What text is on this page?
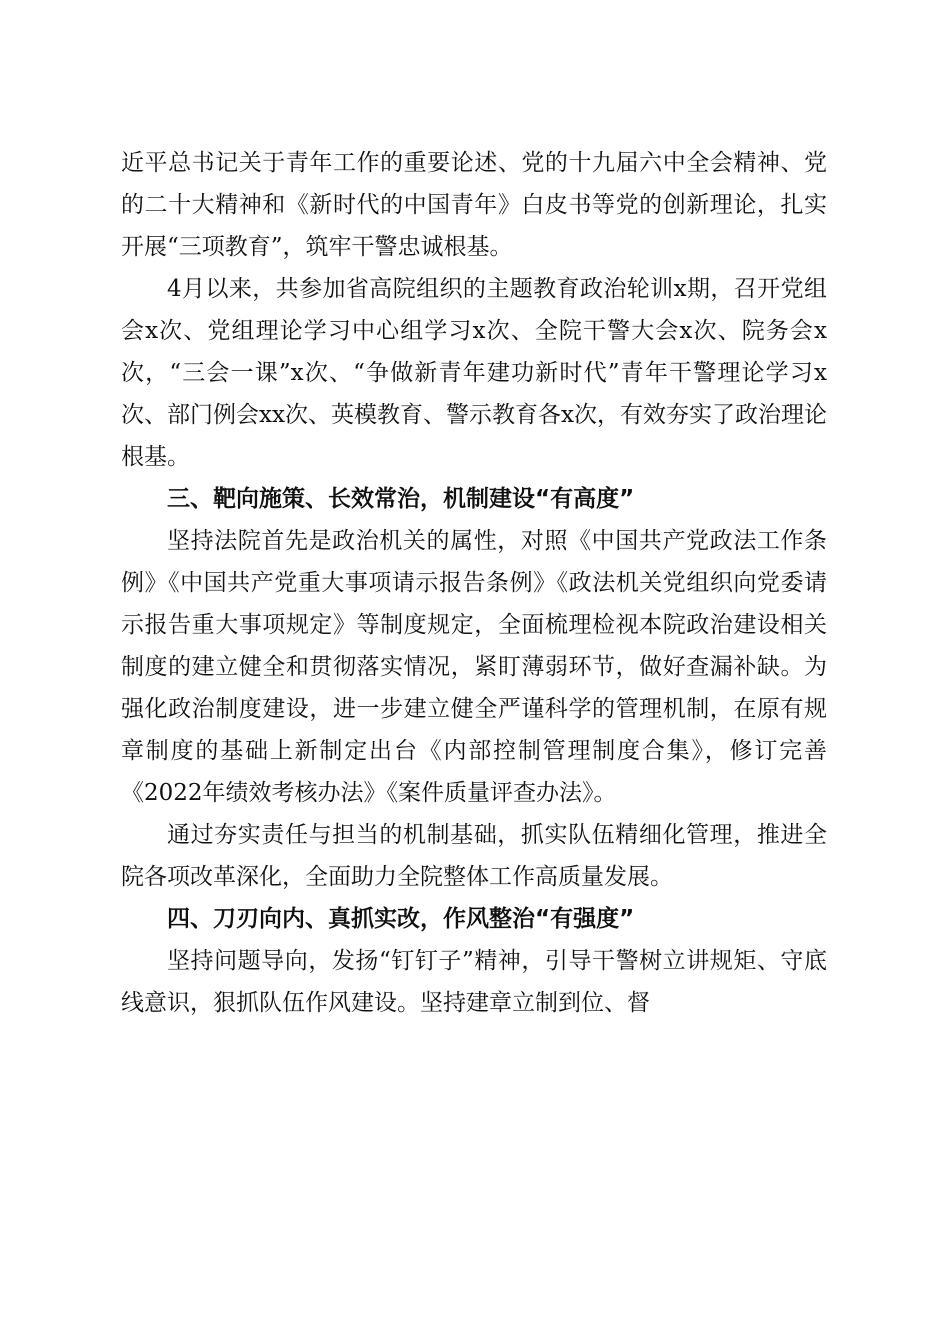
近平总书记关于青年工作的重要论述、党的十九届六中全会精神、党的二十大精神和《新时代的中国青年》白皮书等党的创新理论，扎实开展“三项教育”，筑牢干警忠诚根基。

4月以来，共参加省高院组织的主题教育政治轮训x期，召开党组会x次、党组理论学习中心组学习x次、全院干警大会x次、院务会x次，“三会一课”x次、“争做新青年建功新时代”青年干警理论学习x次、部门例会xx次、英模教育、警示教育各x次，有效夯实了政治理论根基。

三、靶向施策、长效常治，机制建设“有高度”

坚持法院首先是政治机关的属性，对照《中国共产党政法工作条例》《中国共产党重大事项请示报告条例》《政法机关党组织向党委请示报告重大事项规定》等制度规定，全面梳理检视本院政治建设相关制度的建立健全和贯彻落实情况，紧盯薄弱环节，做好查漏补缺。为强化政治制度建设，进一步建立健全严谨科学的管理机制，在原有规章制度的基础上新制定出台《内部控制管理制度合集》，修订完善《2022年绩效考核办法》《案件质量评查办法》。

通过夯实责任与担当的机制基础，抓实队伍精细化管理，推进全院各项改革深化，全面助力全院整体工作高质量发展。

四、刀刃向内、真抓实改，作风整治“有强度”

坚持问题导向，发扬“钉钉子”精神，引导干警树立讲规矩、守底线意识，狠抓队伍作风建设。坚持建章立制到位、督
